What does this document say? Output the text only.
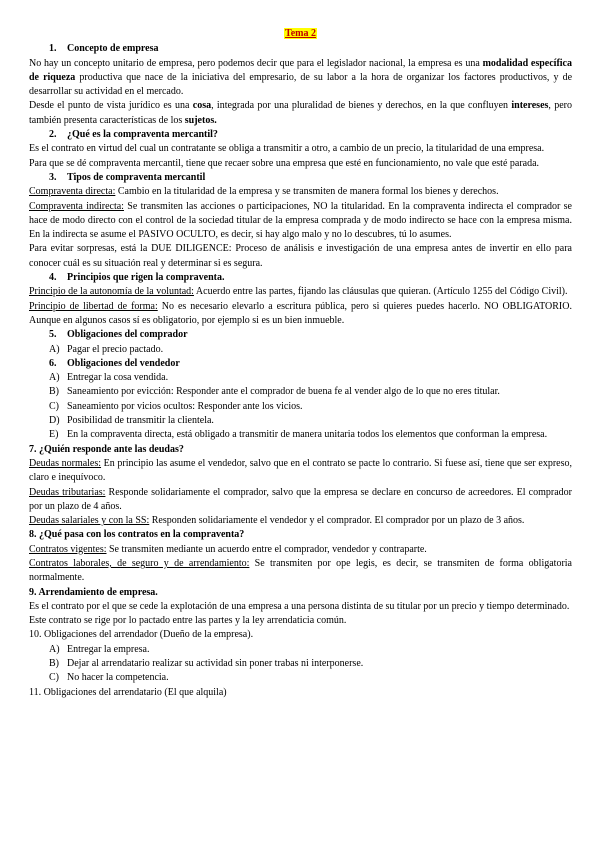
Tema 2
1. Concepto de empresa

No hay un concepto unitario de empresa, pero podemos decir que para el legislador nacional, la empresa es una modalidad específica de riqueza productiva que nace de la iniciativa del empresario, de su labor a la hora de organizar los factores productivos, y de desarrollar su actividad en el mercado.

Desde el punto de vista jurídico es una cosa, integrada por una pluralidad de bienes y derechos, en la que confluyen intereses, pero también presenta características de los sujetos.

2. ¿Qué es la compraventa mercantil?

Es el contrato en virtud del cual un contratante se obliga a transmitir a otro, a cambio de un precio, la titularidad de una empresa.

Para que se dé compraventa mercantil, tiene que recaer sobre una empresa que esté en funcionamiento, no vale que esté parada.

3. Tipos de compraventa mercantil

Compraventa directa: Cambio en la titularidad de la empresa y se transmiten de manera formal los bienes y derechos.

Compraventa indirecta: Se transmiten las acciones o participaciones, NO la titularidad. En la compraventa indirecta el comprador se hace de modo directo con el control de la sociedad titular de la empresa comprada y de modo indirecto se hace con la empresa misma. En la indirecta se asume el PASIVO OCULTO, es decir, si hay algo malo y no lo descubres, tú lo asumes.

Para evitar sorpresas, está la DUE DILIGENCE: Proceso de análisis e investigación de una empresa antes de invertir en ello para conocer cuál es su situación real y determinar si es segura.

4. Principios que rigen la compraventa.

Principio de la autonomía de la voluntad: Acuerdo entre las partes, fijando las cláusulas que quieran. (Artículo 1255 del Código Civil).

Principio de libertad de forma: No es necesario elevarlo a escritura pública, pero si quieres puedes hacerlo. NO OBLIGATORIO. Aunque en algunos casos sí es obligatorio, por ejemplo si es un bien inmueble.

5. Obligaciones del comprador
A) Pagar el precio pactado.
6. Obligaciones del vendedor
A) Entregar la cosa vendida.
B) Saneamiento por evicción: Responder ante el comprador de buena fe al vender algo de lo que no eres titular.
C) Saneamiento por vicios ocultos: Responder ante los vicios.
D) Posibilidad de transmitir la clientela.
E) En la compraventa directa, está obligado a transmitir de manera unitaria todos los elementos que conforman la empresa.
7. ¿Quién responde ante las deudas?

Deudas normales: En principio las asume el vendedor, salvo que en el contrato se pacte lo contrario. Si fuese así, tiene que ser expreso, claro e inequívoco.

Deudas tributarias: Responde solidariamente el comprador, salvo que la empresa se declare en concurso de acreedores. El comprador por un plazo de 4 años.

Deudas salariales y con la SS: Responden solidariamente el vendedor y el comprador. El comprador por un plazo de 3 años.

8. ¿Qué pasa con los contratos en la compraventa?

Contratos vigentes: Se transmiten mediante un acuerdo entre el comprador, vendedor y contraparte.

Contratos laborales, de seguro y de arrendamiento: Se transmiten por ope legis, es decir, se transmiten de forma obligatoria normalmente.

9. Arrendamiento de empresa.

Es el contrato por el que se cede la explotación de una empresa a una persona distinta de su titular por un precio y tiempo determinado.

Este contrato se rige por lo pactado entre las partes y la ley arrendaticia común.

10. Obligaciones del arrendador (Dueño de la empresa).
A) Entregar la empresa.
B) Dejar al arrendatario realizar su actividad sin poner trabas ni interponerse.
C) No hacer la competencia.
11. Obligaciones del arrendatario (El que alquila)
